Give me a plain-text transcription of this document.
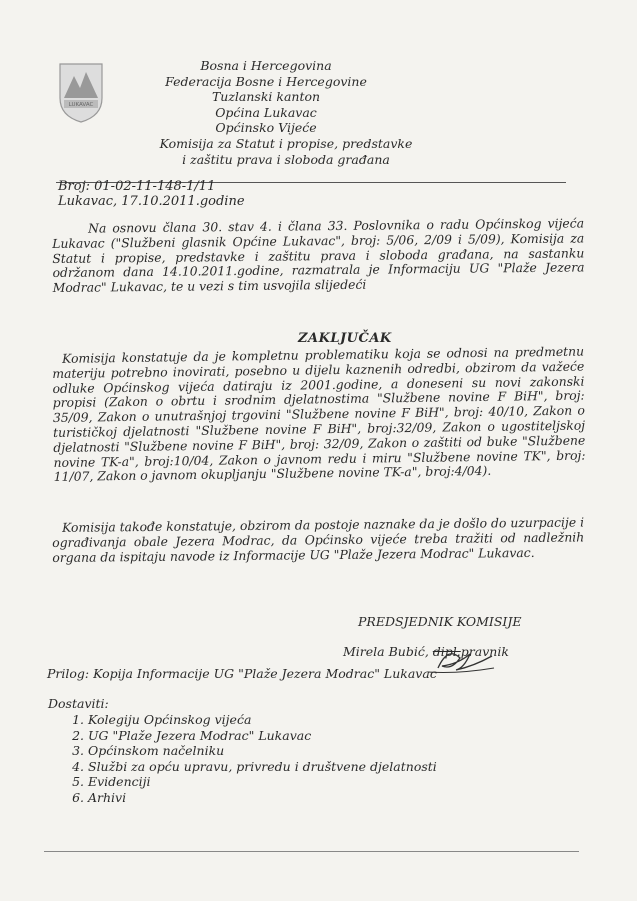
LUKAVAC
Bosna i Hercegovina
Federacija Bosne i Hercegovine
Tuzlanski kanton
Općina Lukavac
Općinsko Vijeće
Komisija za Statut i propise, predstavke
i zaštitu prava i sloboda građana
Broj: 01-02-11-148-1/11
Lukavac, 17.10.2011.godine
Na osnovu člana 30. stav 4. i člana 33. Poslovnika o radu Općinskog vijeća Lukavac ("Službeni glasnik Općine Lukavac", broj: 5/06, 2/09 i 5/09), Komisija za Statut i propise, predstavke i zaštitu prava i sloboda građana, na sastanku održanom dana 14.10.2011.godine, razmatrala je Informaciju UG "Plaže Jezera Modrac" Lukavac, te u vezi s tim usvojila slijedeći
ZAKLJUČAK
Komisija konstatuje da je kompletnu problematiku koja se odnosi na predmetnu materiju potrebno inovirati, posebno u dijelu kaznenih odredbi, obzirom da važeće odluke Općinskog vijeća datiraju iz 2001.godine, a doneseni su novi zakonski propisi (Zakon o obrtu i srodnim djelatnostima "Službene novine F BiH", broj: 35/09, Zakon o unutrašnjoj trgovini "Službene novine F BiH", broj: 40/10, Zakon o turističkoj djelatnosti "Službene novine F BiH", broj:32/09, Zakon o ugostiteljskoj djelatnosti "Službene novine F BiH", broj: 32/09, Zakon o zaštiti od buke "Službene novine TK-a", broj:10/04, Zakon o javnom redu i miru "Službene novine TK", broj: 11/07, Zakon o javnom okupljanju "Službene novine TK-a", broj:4/04).
Komisija takođe konstatuje, obzirom da postoje naznake da je došlo do uzurpacije i ograđivanja obale Jezera Modrac, da Općinsko vijeće treba tražiti od nadležnih organa da ispitaju navode iz Informacije UG "Plaže Jezera Modrac" Lukavac.
PREDSJEDNIK KOMISIJE
Mirela Bubić, dipl.pravnik
Prilog: Kopija Informacije UG "Plaže Jezera Modrac" Lukavac
Dostaviti:
1. Kolegiju Općinskog vijeća
2. UG "Plaže Jezera Modrac" Lukavac
3. Općinskom načelniku
4. Službi za opću upravu, privredu i društvene djelatnosti
5. Evidenciji
6. Arhivi
